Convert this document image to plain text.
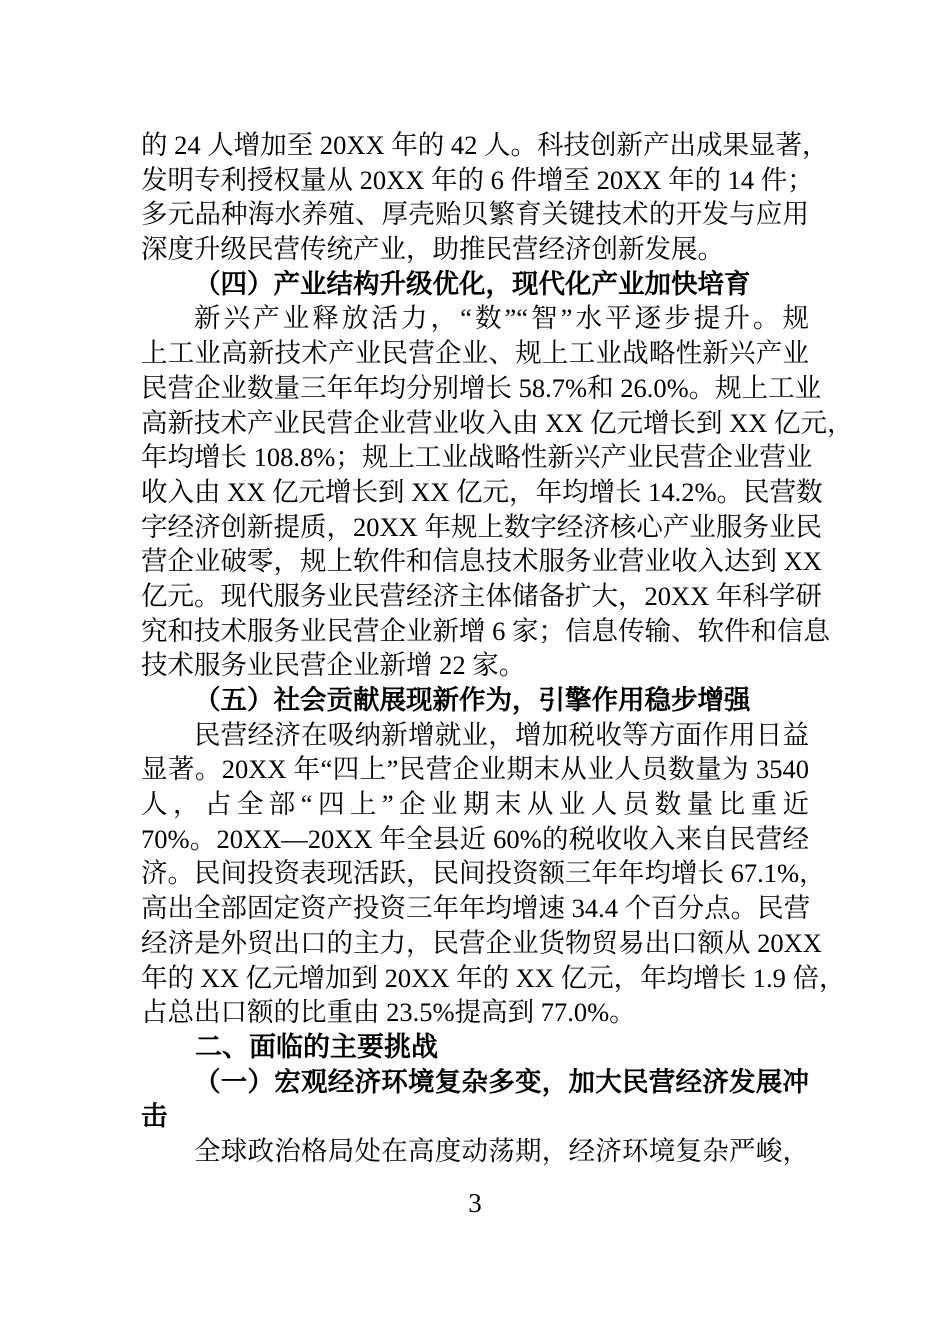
的 24 人增加至 20XX 年的 42 人。科技创新产出成果显著，
发明专利授权量从 20XX 年的 6 件增至 20XX 年的 14 件；
多元品种海水养殖、厚壳贻贝繁育关键技术的开发与应用
深度升级民营传统产业，助推民营经济创新发展。
（四）产业结构升级优化，现代化产业加快培育
新兴产业释放活力，“数”“智”水平逐步提升。规
上工业高新技术产业民营企业、规上工业战略性新兴产业
民营企业数量三年年均分别增长 58.7%和 26.0%。规上工业
高新技术产业民营企业营业收入由 XX 亿元增长到 XX 亿元，
年均增长 108.8%；规上工业战略性新兴产业民营企业营业
收入由 XX 亿元增长到 XX 亿元，年均增长 14.2%。民营数
字经济创新提质，20XX 年规上数字经济核心产业服务业民
营企业破零，规上软件和信息技术服务业营业收入达到 XX
亿元。现代服务业民营经济主体储备扩大，20XX 年科学研
究和技术服务业民营企业新增 6 家；信息传输、软件和信息
技术服务业民营企业新增 22 家。
（五）社会贡献展现新作为，引擎作用稳步增强
民营经济在吸纳新增就业，增加税收等方面作用日益
显著。20XX 年“四上”民营企业期末从业人员数量为 3540
人，占全部“四上”企业期末从业人员数量比重近
70%。20XX—20XX 年全县近 60%的税收收入来自民营经
济。民间投资表现活跃，民间投资额三年年均增长 67.1%，
高出全部固定资产投资三年年均增速 34.4 个百分点。民营
经济是外贸出口的主力，民营企业货物贸易出口额从 20XX
年的 XX 亿元增加到 20XX 年的 XX 亿元，年均增长 1.9 倍，
占总出口额的比重由 23.5%提高到 77.0%。
二、面临的主要挑战
（一）宏观经济环境复杂多变，加大民营经济发展冲
击
全球政治格局处在高度动荡期，经济环境复杂严峻，
3
